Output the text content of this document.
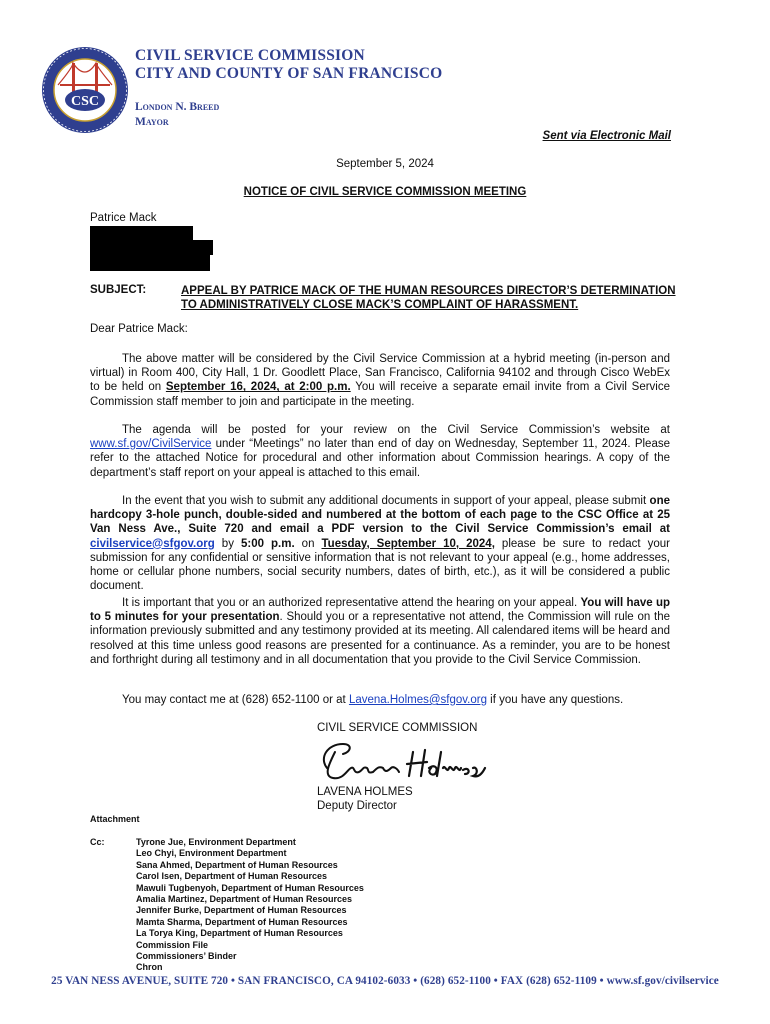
CSC
CIVIL SERVICE COMMISSION
CITY AND COUNTY OF SAN FRANCISCO
London N. Breed
Mayor
Sent via Electronic Mail
September 5, 2024
NOTICE OF CIVIL SERVICE COMMISSION MEETING
Patrice Mack
SUBJECT:	APPEAL BY PATRICE MACK OF THE HUMAN RESOURCES DIRECTOR’S DETERMINATION TO ADMINISTRATIVELY CLOSE MACK’S COMPLAINT OF HARASSMENT.
Dear Patrice Mack:
The above matter will be considered by the Civil Service Commission at a hybrid meeting (in-person and virtual) in Room 400, City Hall, 1 Dr. Goodlett Place, San Francisco, California 94102 and through Cisco WebEx to be held on September 16, 2024, at 2:00 p.m. You will receive a separate email invite from a Civil Service Commission staff member to join and participate in the meeting.
The agenda will be posted for your review on the Civil Service Commission’s website at www.sf.gov/CivilService under “Meetings” no later than end of day on Wednesday, September 11, 2024. Please refer to the attached Notice for procedural and other information about Commission hearings. A copy of the department’s staff report on your appeal is attached to this email.
In the event that you wish to submit any additional documents in support of your appeal, please submit one hardcopy 3-hole punch, double-sided and numbered at the bottom of each page to the CSC Office at 25 Van Ness Ave., Suite 720 and email a PDF version to the Civil Service Commission’s email at civilservice@sfgov.org by 5:00 p.m. on Tuesday, September 10, 2024, please be sure to redact your submission for any confidential or sensitive information that is not relevant to your appeal (e.g., home addresses, home or cellular phone numbers, social security numbers, dates of birth, etc.), as it will be considered a public document.
It is important that you or an authorized representative attend the hearing on your appeal. You will have up to 5 minutes for your presentation. Should you or a representative not attend, the Commission will rule on the information previously submitted and any testimony provided at its meeting. All calendared items will be heard and resolved at this time unless good reasons are presented for a continuance. As a reminder, you are to be honest and forthright during all testimony and in all documentation that you provide to the Civil Service Commission.
You may contact me at (628) 652-1100 or at Lavena.Holmes@sfgov.org if you have any questions.
CIVIL SERVICE COMMISSION
LAVENA HOLMES
Deputy Director
Attachment
Cc:	Tyrone Jue, Environment Department
Leo Chyi, Environment Department
Sana Ahmed, Department of Human Resources
Carol Isen, Department of Human Resources
Mawuli Tugbenyoh, Department of Human Resources
Amalia Martinez, Department of Human Resources
Jennifer Burke, Department of Human Resources
Mamta Sharma, Department of Human Resources
La Torya King, Department of Human Resources
Commission File
Commissioners’ Binder
Chron
25 VAN NESS AVENUE, SUITE 720 • SAN FRANCISCO, CA 94102-6033 • (628) 652-1100 • FAX (628) 652-1109 • www.sf.gov/civilservice
